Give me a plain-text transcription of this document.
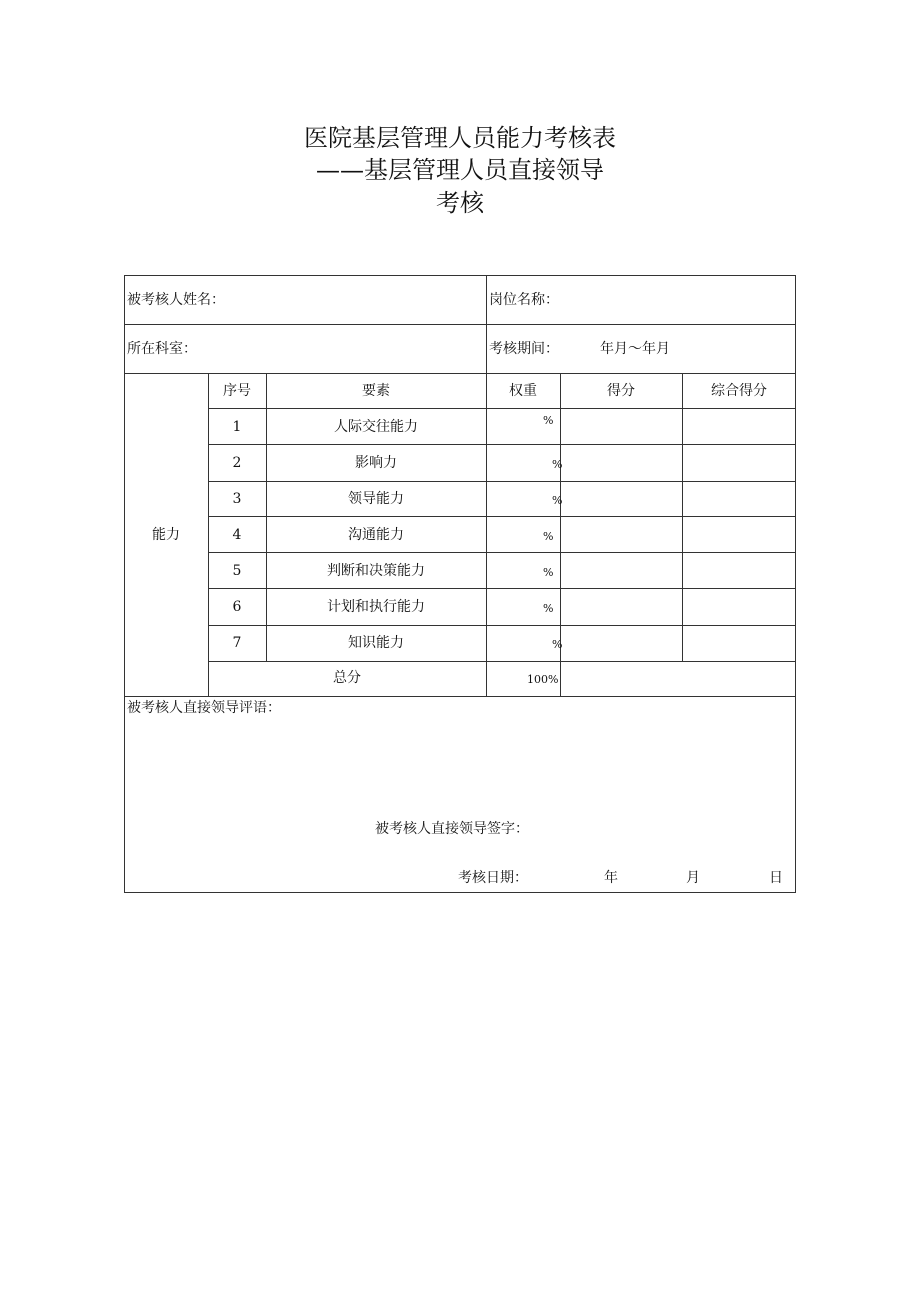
医院基层管理人员能力考核表
——基层管理人员直接领导
考核
被考核人姓名：	岗位名称：
所在科室：	考核期间：	年月～年月
能力
序号	要素	权重	得分	综合得分
1	人际交往能力	%
2	影响力	%
3	领导能力	%
4	沟通能力	%
5	判断和决策能力	%
6	计划和执行能力	%
7	知识能力	%
总分	100%
被考核人直接领导评语：
被考核人直接领导签字：
考核日期：	年	月	日
